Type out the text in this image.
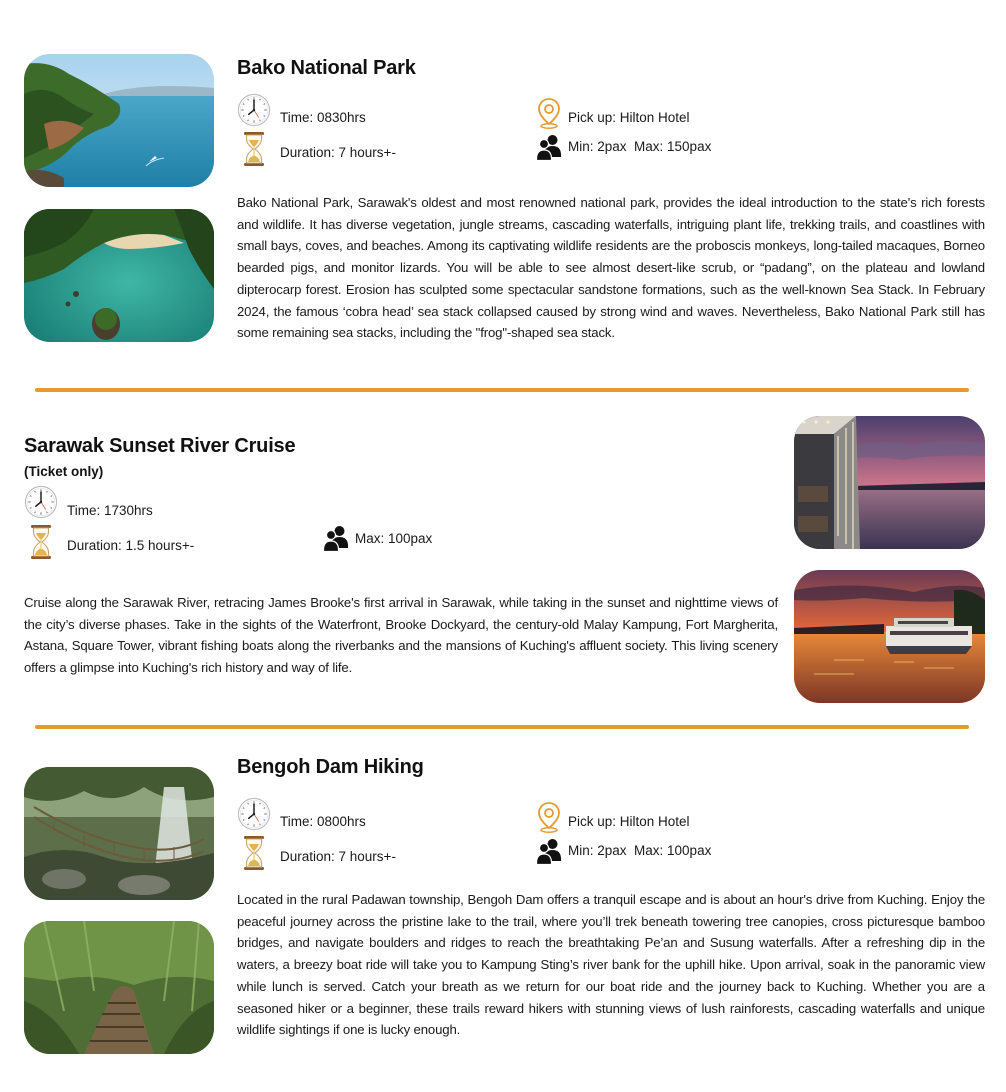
Bako National Park
Time: 0830hrs
Duration: 7 hours+-
Pick up: Hilton Hotel
Min: 2pax  Max: 150pax
Bako National Park, Sarawak's oldest and most renowned national park, provides the ideal introduction to the state's rich forests and wildlife. It has diverse vegetation, jungle streams, cascading waterfalls, intriguing plant life, trekking trails, and coastlines with small bays, coves, and beaches. Among its captivating wildlife residents are the proboscis monkeys, long-tailed macaques, Borneo bearded pigs, and monitor lizards. You will be able to see almost desert-like scrub, or “padang”, on the plateau and lowland dipterocarp forest. Erosion has sculpted some spectacular sandstone formations, such as the well-known Sea Stack. In February 2024, the famous ‘cobra head’ sea stack collapsed caused by strong wind and waves. Nevertheless, Bako National Park still has some remaining sea stacks, including the "frog"-shaped sea stack.
Sarawak Sunset River Cruise
(Ticket only)
Time: 1730hrs
Duration: 1.5 hours+-	Max: 100pax
Cruise along the Sarawak River, retracing James Brooke's first arrival in Sarawak, while taking in the sunset and nighttime views of the city’s diverse phases. Take in the sights of the Waterfront, Brooke Dockyard, the century-old Malay Kampung, Fort Margherita, Astana, Square Tower, vibrant fishing boats along the riverbanks and the mansions of Kuching's affluent society. This living scenery offers a glimpse into Kuching's rich history and way of life.
Bengoh Dam Hiking
Time: 0800hrs
Duration: 7 hours+-
Pick up: Hilton Hotel
Min: 2pax  Max: 100pax
Located in the rural Padawan township, Bengoh Dam offers a tranquil escape and is about an hour's drive from Kuching. Enjoy the peaceful journey across the pristine lake to the trail, where you’ll trek beneath towering tree canopies, cross picturesque bamboo bridges, and navigate boulders and ridges to reach the breathtaking Pe’an and Susung waterfalls. After a refreshing dip in the waters, a breezy boat ride will take you to Kampung Sting’s river bank for the uphill hike. Upon arrival, soak in the panoramic view while lunch is served. Catch your breath as we return for our boat ride and the journey back to Kuching. Whether you are a seasoned hiker or a beginner, these trails reward hikers with stunning views of lush rainforests, cascading waterfalls and unique wildlife sightings if one is lucky enough.
